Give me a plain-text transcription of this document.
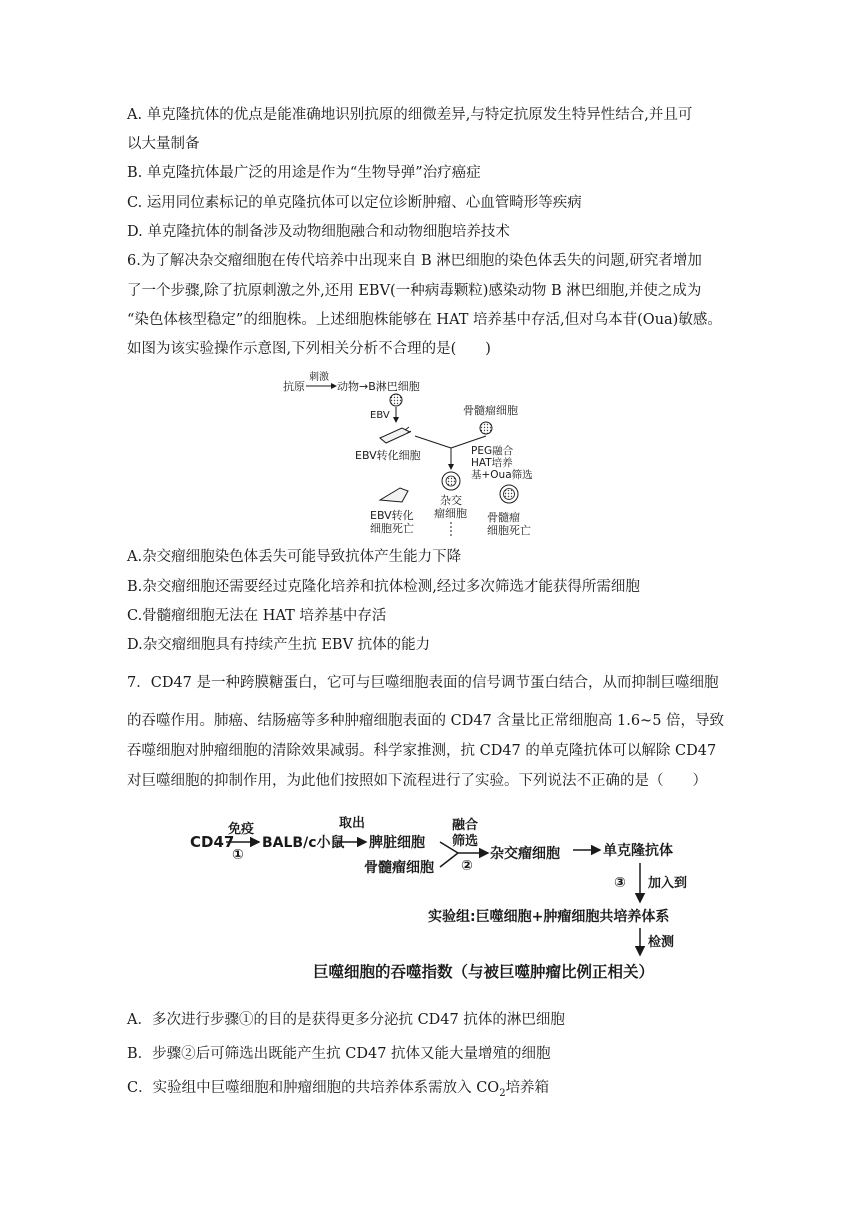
A. 单克隆抗体的优点是能准确地识别抗原的细微差异,与特定抗原发生特异性结合,并且可
以大量制备
B. 单克隆抗体最广泛的用途是作为“生物导弹”治疗癌症
C. 运用同位素标记的单克隆抗体可以定位诊断肿瘤、心血管畸形等疾病
D. 单克隆抗体的制备涉及动物细胞融合和动物细胞培养技术
6.为了解决杂交瘤细胞在传代培养中出现来自 B 淋巴细胞的染色体丢失的问题,研究者增加
了一个步骤,除了抗原刺激之外,还用 EBV(一种病毒颗粒)感染动物 B 淋巴细胞,并使之成为
“染色体核型稳定”的细胞株。上述细胞株能够在 HAT 培养基中存活,但对乌本苷(Oua)敏感。
如图为该实验操作示意图,下列相关分析不合理的是(　　)
抗原
刺激
动物→B淋巴细胞
EBV
EBV转化细胞
骨髓瘤细胞
PEG融合
HAT培养
基+Oua筛选
杂交
瘤细胞
EBV转化
细胞死亡
骨髓瘤
细胞死亡
A.杂交瘤细胞染色体丢失可能导致抗体产生能力下降
B.杂交瘤细胞还需要经过克隆化培养和抗体检测,经过多次筛选才能获得所需细胞
C.骨髓瘤细胞无法在 HAT 培养基中存活
D.杂交瘤细胞具有持续产生抗 EBV 抗体的能力
7．CD47 是一种跨膜糖蛋白，它可与巨噬细胞表面的信号调节蛋白结合，从而抑制巨噬细胞
的吞噬作用。肺癌、结肠癌等多种肿瘤细胞表面的 CD47 含量比正常细胞高 1.6~5 倍，导致
吞噬细胞对肿瘤细胞的清除效果减弱。科学家推测，抗 CD47 的单克隆抗体可以解除 CD47
对巨噬细胞的抑制作用，为此他们按照如下流程进行了实验。下列说法不正确的是（　　）
CD47
免疫
①
BALB/c小鼠
取出
脾脏细胞
骨髓瘤细胞
融合
筛选
②
杂交瘤细胞	单克隆抗体
③ 加入到
实验组:巨噬细胞+肿瘤细胞共培养体系
检测
巨噬细胞的吞噬指数（与被巨噬肿瘤比例正相关）
A．多次进行步骤①的目的是获得更多分泌抗 CD47 抗体的淋巴细胞
B．步骤②后可筛选出既能产生抗 CD47 抗体又能大量增殖的细胞
C．实验组中巨噬细胞和肿瘤细胞的共培养体系需放入 $CO_2$培养箱
